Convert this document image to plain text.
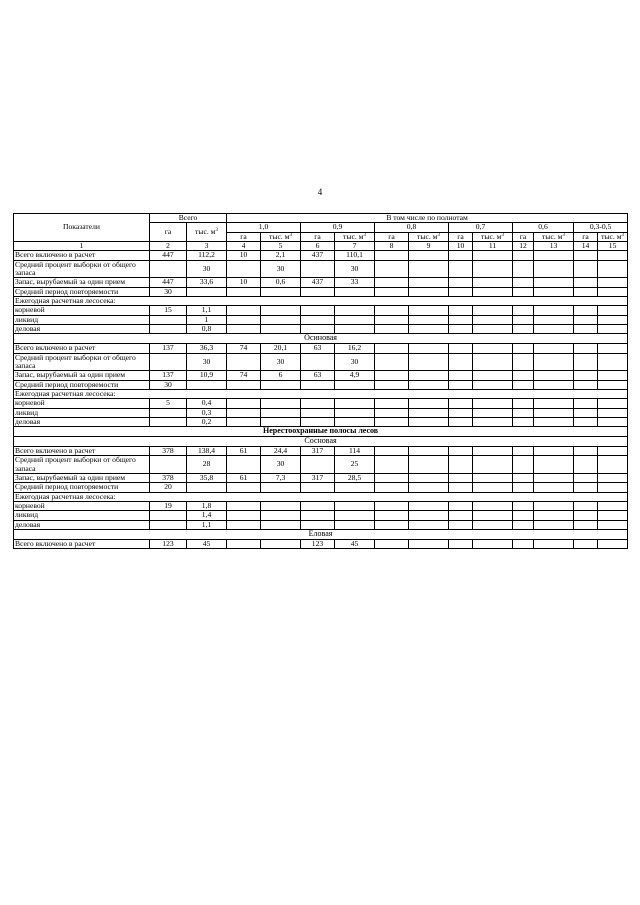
4
Показатели	Всего		В том числе по полнотам											
	га	тыс. $м^3$	1,0		0,9		0,8		0,7		0,6		0,3-0,5	
			га	тыс. $м^3$	га	тыс. $м^3$	га	тыс. $м^3$	га	тыс. $м^3$	га	тыс. $м^3$	га	тыс. $м^3$
1	2	3	4	5	6	7	8	9	10	11	12	13	14	15
Всего включено в расчет	447	112,2	10	2,1	437	110,1								
Средний процент выборки от общего запаса		30		30		30								
Запас, вырубаемый за один прием	447	33,6	10	0,6	437	33								
Средний период повторяемости	30													
Ежегодная расчетная лесосека:														
корневой	15	1,1												
ликвид		1												
деловая		0,8												
Осиновая														
Всего включено в расчет	137	36,3	74	20,1	63	16,2								
Средний процент выборки от общего запаса		30		30		30								
Запас, вырубаемый за один прием	137	10,9	74	6	63	4,9								
Средний период повторяемости	30													
Ежегодная расчетная лесосека:														
корневой	5	0,4												
ликвид		0,3												
деловая		0,2												
Нерестоохранные полосы лесов														
Сосновая														
Всего включено в расчет	378	138,4	61	24,4	317	114								
Средний процент выборки от общего запаса		28		30		25								
Запас, вырубаемый за один прием	378	35,8	61	7,3	317	28,5								
Средний период повторяемости	20													
Ежегодная расчетная лесосека:														
корневой	19	1,8												
ликвид		1,4												
деловая		1,1												
Еловая														
Всего включено в расчет	123	45			123	45								
